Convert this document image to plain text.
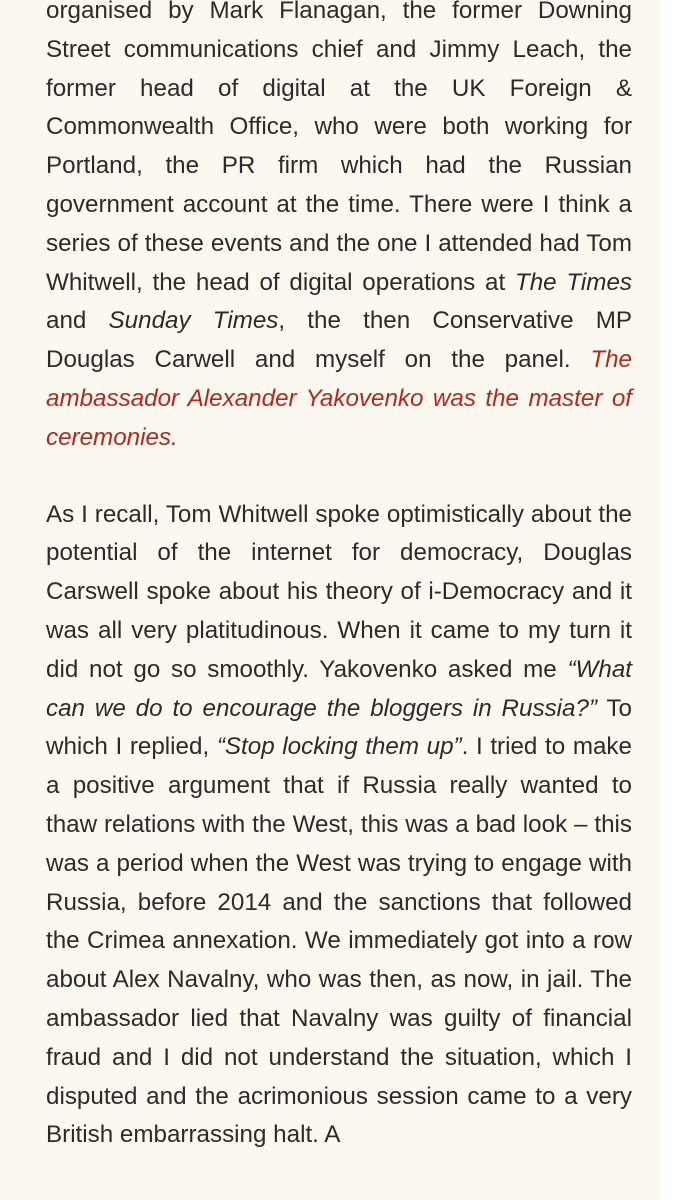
organised by Mark Flanagan, the former Downing Street communications chief and Jimmy Leach, the former head of digital at the UK Foreign & Commonwealth Office, who were both working for Portland, the PR firm which had the Russian government account at the time. There were I think a series of these events and the one I attended had Tom Whitwell, the head of digital operations at The Times and Sunday Times, the then Conservative MP Douglas Carwell and myself on the panel. The ambassador Alexander Yakovenko was the master of ceremonies.

As I recall, Tom Whitwell spoke optimistically about the potential of the internet for democracy, Douglas Carswell spoke about his theory of i-Democracy and it was all very platitudinous. When it came to my turn it did not go so smoothly. Yakovenko asked me “What can we do to encourage the bloggers in Russia?” To which I replied, “Stop locking them up”. I tried to make a positive argument that if Russia really wanted to thaw relations with the West, this was a bad look – this was a period when the West was trying to engage with Russia, before 2014 and the sanctions that followed the Crimea annexation. We immediately got into a row about Alex Navalny, who was then, as now, in jail. The ambassador lied that Navalny was guilty of financial fraud and I did not understand the situation, which I disputed and the acrimonious session came to a very British embarrassing halt. A
